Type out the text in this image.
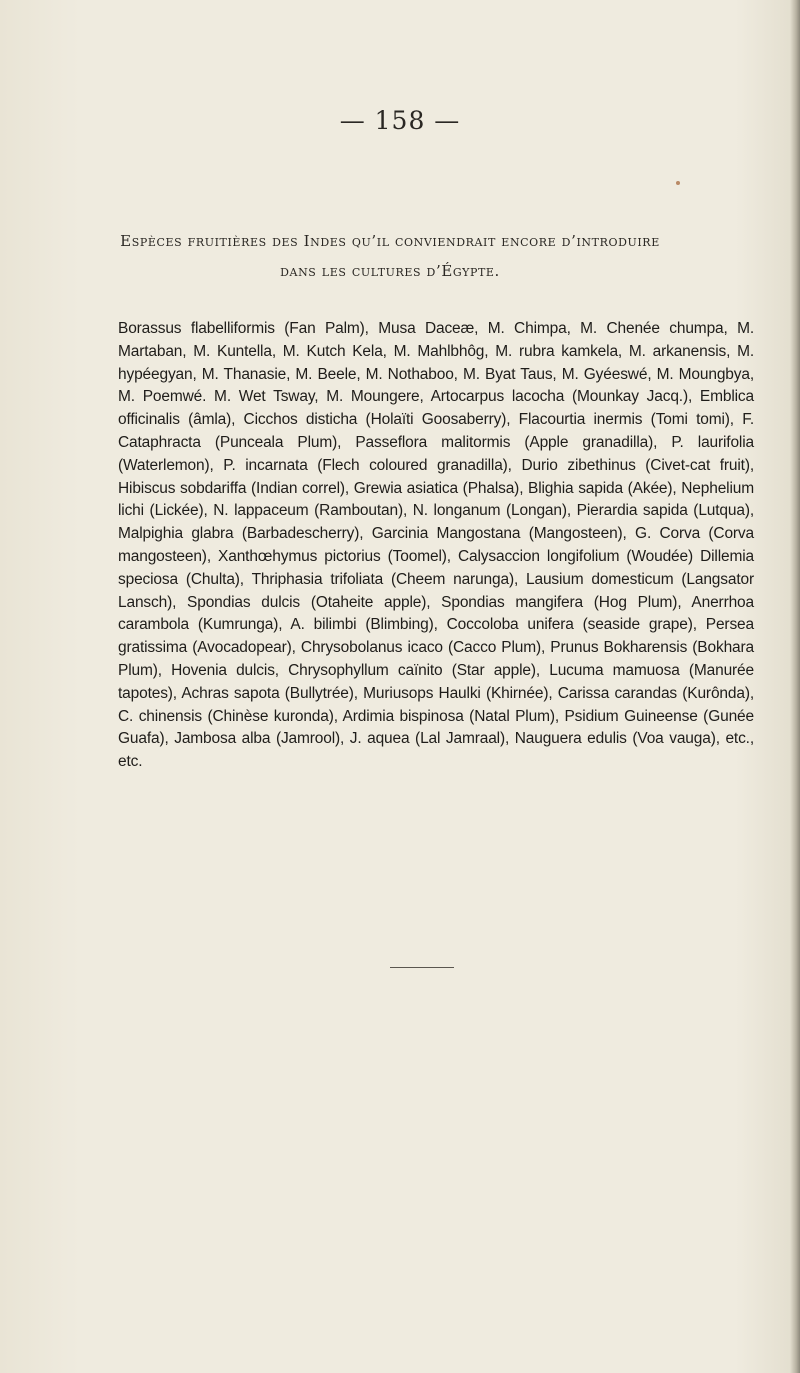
— 158 —

Espèces fruitières des Indes qu’il conviendrait encore d’introduire

dans les cultures d’Égypte.

Borassus flabelliformis (Fan Palm), Musa Daceæ, M. Chimpa, M. Chenée chumpa, M. Martaban, M. Kuntella, M. Kutch Kela, M. Mahlbhôg, M. rubra kamkela, M. arkanensis, M. hypéegyan, M. Thanasie, M. Beele, M. Nothaboo, M. Byat Taus, M. Gyéeswé, M. Moungbya, M. Poemwé. M. Wet Tsway, M. Moungere, Artocarpus lacocha (Mounkay Jacq.), Emblica officinalis (âmla), Cicchos disticha (Holaïti Goosaberry), Flacourtia inermis (Tomi tomi), F. Cataphracta (Punceala Plum), Passeflora malitormis (Apple granadilla), P. laurifolia (Waterlemon), P. incarnata (Flech coloured granadilla), Durio zibethinus (Civet-cat fruit), Hibiscus sobdariffa (Indian correl), Grewia asiatica (Phalsa), Blighia sapida (Akée), Nephelium lichi (Lickée), N. lappaceum (Ramboutan), N. longanum (Longan), Pierardia sapida (Lutqua), Malpighia glabra (Barbadescherry), Garcinia Mangostana (Mangosteen), G. Corva (Corva mangosteen), Xanthœhymus pictorius (Toomel), Calysaccion longifolium (Woudée) Dillemia speciosa (Chulta), Thriphasia trifoliata (Cheem narunga), Lausium domesticum (Langsator Lansch), Spondias dulcis (Otaheite apple), Spondias mangifera (Hog Plum), Anerrhoa carambola (Kumrunga), A. bilimbi (Blimbing), Coccoloba unifera (seaside grape), Persea gratissima (Avocadopear), Chrysobolanus icaco (Cacco Plum), Prunus Bokharensis (Bokhara Plum), Hovenia dulcis, Chrysophyllum caïnito (Star apple), Lucuma mamuosa (Manurée tapotes), Achras sapota (Bullytrée), Muriusops Haulki (Khirnée), Carissa carandas (Kurônda), C. chinensis (Chinèse kuronda), Ardimia bispinosa (Natal Plum), Psidium Guineense (Gunée Guafa), Jambosa alba (Jamrool), J. aquea (Lal Jamraal), Nauguera edulis (Voa vauga), etc., etc.
